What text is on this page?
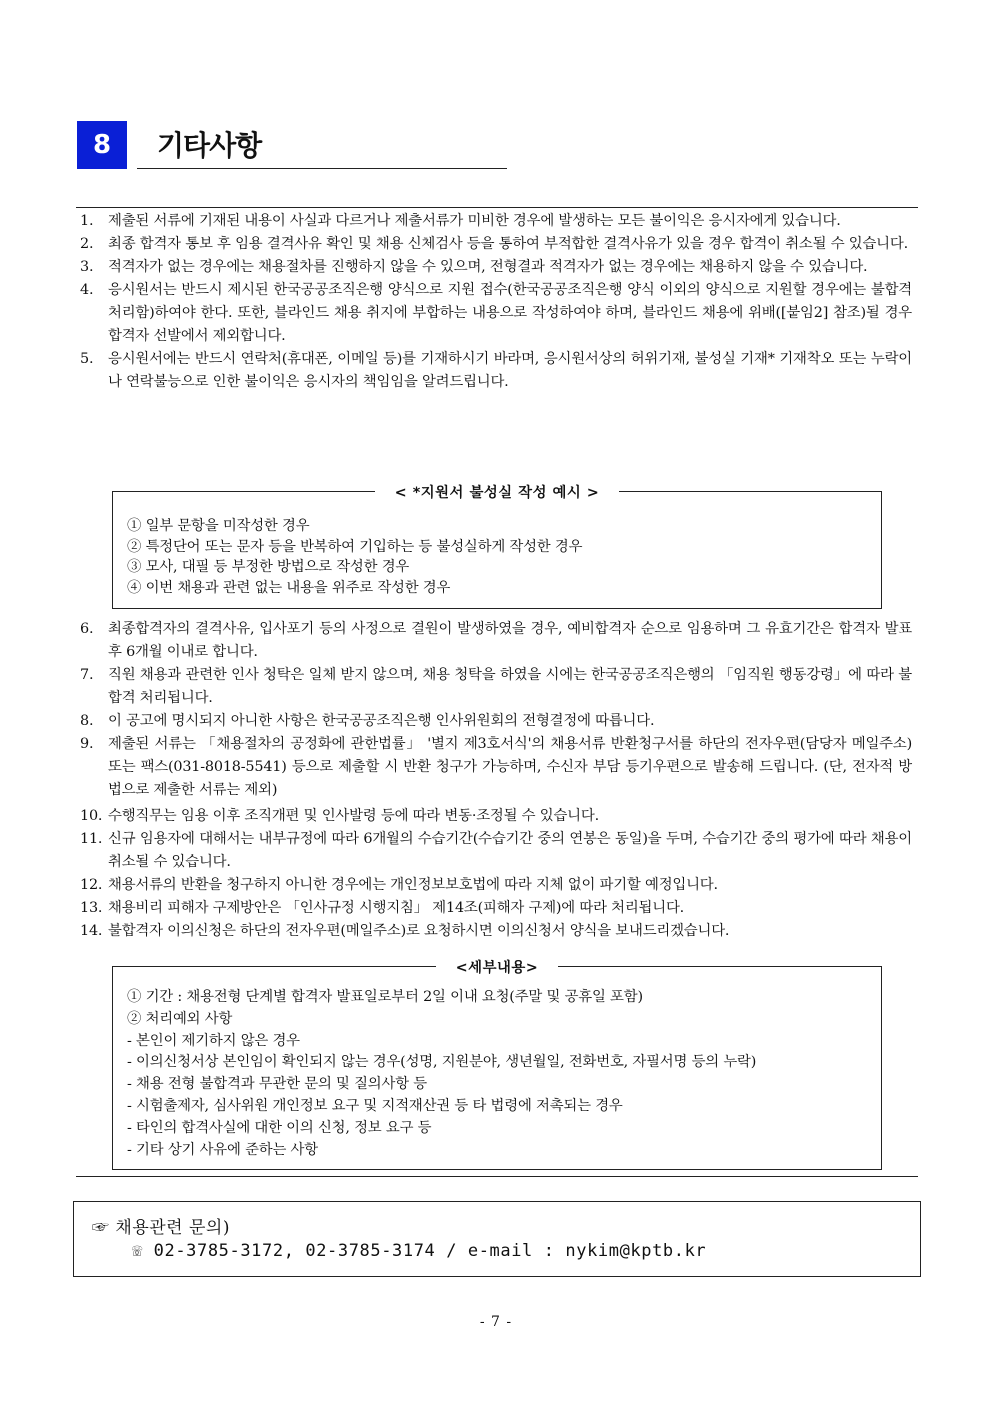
8	기타사항
1.	제출된 서류에 기재된 내용이 사실과 다르거나 제출서류가 미비한 경우에 발생하는 모든 불이익은 응시자에게 있습니다.
2.	최종 합격자 통보 후 임용 결격사유 확인 및 채용 신체검사 등을 통하여 부적합한 결격사유가 있을 경우 합격이 취소될 수 있습니다.
3.	적격자가 없는 경우에는 채용절차를 진행하지 않을 수 있으며, 전형결과 적격자가 없는 경우에는 채용하지 않을 수 있습니다.
4.	응시원서는 반드시 제시된 한국공공조직은행 양식으로 지원 접수(한국공공조직은행 양식 이외의 양식으로 지원할 경우에는 불합격 처리함)하여야 한다. 또한, 블라인드 채용 취지에 부합하는 내용으로 작성하여야 하며, 블라인드 채용에 위배([붙임2] 참조)될 경우 합격자 선발에서 제외합니다.
5.	응시원서에는 반드시 연락처(휴대폰, 이메일 등)를 기재하시기 바라며, 응시원서상의 허위기재, 불성실 기재* 기재착오 또는 누락이나 연락불능으로 인한 불이익은 응시자의 책임임을 알려드립니다.
< *지원서 불성실 작성 예시 >
① 일부 문항을 미작성한 경우
② 특정단어 또는 문자 등을 반복하여 기입하는 등 불성실하게 작성한 경우
③ 모사, 대필 등 부정한 방법으로 작성한 경우
④ 이번 채용과 관련 없는 내용을 위주로 작성한 경우
6.	최종합격자의 결격사유, 입사포기 등의 사정으로 결원이 발생하였을 경우, 예비합격자 순으로 임용하며 그 유효기간은 합격자 발표 후 6개월 이내로 합니다.
7.	직원 채용과 관련한 인사 청탁은 일체 받지 않으며, 채용 청탁을 하였을 시에는 한국공공조직은행의 「임직원 행동강령」에 따라 불합격 처리됩니다.
8.	이 공고에 명시되지 아니한 사항은 한국공공조직은행 인사위원회의 전형결정에 따릅니다.
9.	제출된 서류는 「채용절차의 공정화에 관한법률」 '별지 제3호서식'의 채용서류 반환청구서를 하단의 전자우편(담당자 메일주소) 또는 팩스(031-8018-5541) 등으로 제출할 시 반환 청구가 가능하며, 수신자 부담 등기우편으로 발송해 드립니다. (단, 전자적 방법으로 제출한 서류는 제외)
10. 수행직무는 임용 이후 조직개편 및 인사발령 등에 따라 변동·조정될 수 있습니다.
11. 신규 임용자에 대해서는 내부규정에 따라 6개월의 수습기간(수습기간 중의 연봉은 동일)을 두며, 수습기간 중의 평가에 따라 채용이 취소될 수 있습니다.
12. 채용서류의 반환을 청구하지 아니한 경우에는 개인정보보호법에 따라 지체 없이 파기할 예정입니다.
13. 채용비리 피해자 구제방안은 「인사규정 시행지침」 제14조(피해자 구제)에 따라 처리됩니다.
14. 불합격자 이의신청은 하단의 전자우편(메일주소)로 요청하시면 이의신청서 양식을 보내드리겠습니다.
<세부내용>
① 기간 : 채용전형 단계별 합격자 발표일로부터 2일 이내 요청(주말 및 공휴일 포함)
② 처리예외 사항
- 본인이 제기하지 않은 경우
- 이의신청서상 본인임이 확인되지 않는 경우(성명, 지원분야, 생년월일, 전화번호, 자필서명 등의 누락)
- 채용 전형 불합격과 무관한 문의 및 질의사항 등
- 시험출제자, 심사위원 개인정보 요구 및 지적재산권 등 타 법령에 저촉되는 경우
- 타인의 합격사실에 대한 이의 신청, 정보 요구 등
- 기타 상기 사유에 준하는 사항
☞ 채용관련 문의)
☏ 02-3785-3172, 02-3785-3174 / e-mail : nykim@kptb.kr
- 7 -
